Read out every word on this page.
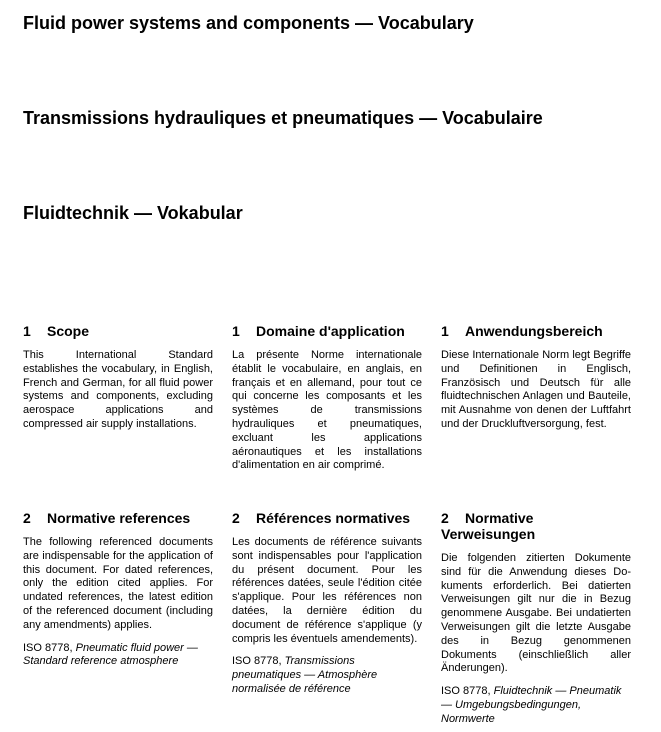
Fluid power systems and components — Vocabulary
Transmissions hydrauliques et pneumatiques — Vocabulaire
Fluidtechnik — Vokabular
1 Scope

This International Standard establishes the vocabulary, in English, French and German, for all fluid power systems and components, excluding aerospace applications and compressed air supply installations.

1 Domaine d'application

La présente Norme internationale établit le vocabulaire, en anglais, en français et en allemand, pour tout ce qui concerne les composants et les systèmes de transmissions hydrauliques et pneumatiques, excluant les applications aéronautiques et les installations d'alimentation en air comprimé.

1 Anwendungsbereich

Diese Internationale Norm legt Begriffe und Definitionen in Englisch, Französisch und Deutsch für alle fluidtechnischen Anlagen und Bauteile, mit Ausnahme von denen der Luftfahrt und der Druckluftversorgung, fest.

2 Normative references

The following referenced documents are indispensable for the application of this document. For dated references, only the edition cited applies. For undated references, the latest edition of the referenced document (including any amendments) applies.

ISO 8778, Pneumatic fluid power — Standard reference atmosphere

2 Références normatives

Les documents de référence suivants sont indispensables pour l'application du présent document. Pour les références datées, seule l'édition citée s'applique. Pour les références non datées, la dernière édition du document de référence s'applique (y compris les éventuels amendements).

ISO 8778, Transmissions pneumatiques — Atmosphère normalisée de référence

2 Normative Verweisungen

Die folgenden zitierten Dokumente sind für die Anwendung dieses Dokuments erforderlich. Bei datierten Verweisungen gilt nur die in Bezug genommene Ausgabe. Bei undatierten Verweisungen gilt die letzte Ausgabe des in Bezug genommenen Dokuments (einschließlich aller Änderungen).

ISO 8778, Fluidtechnik — Pneumatik — Umgebungsbedingungen, Normwerte
